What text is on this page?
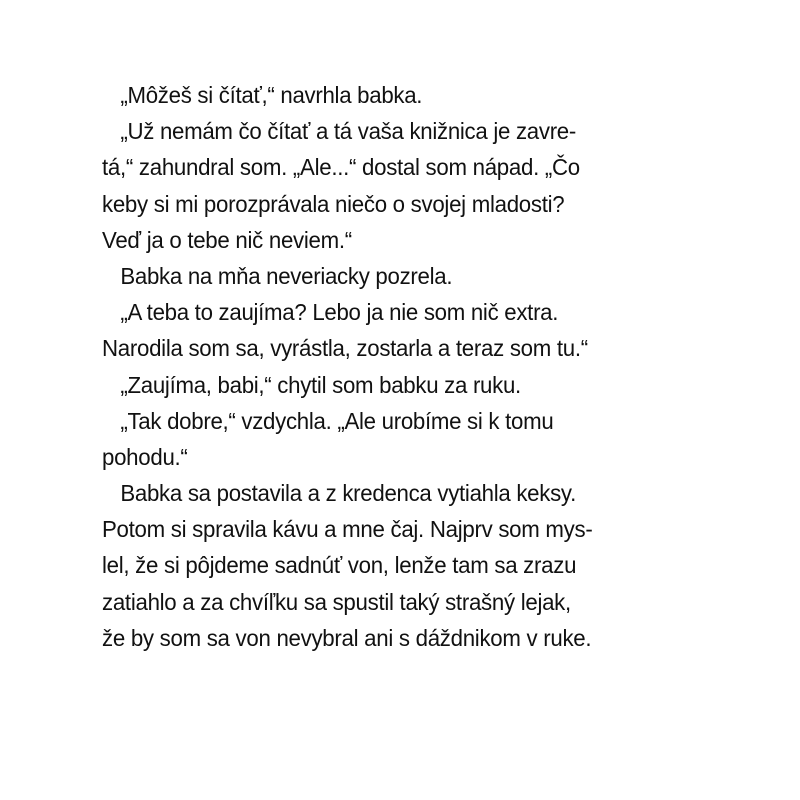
„Môžeš si čítať,“ navrhla babka.
„Už nemám čo čítať a tá vaša knižnica je zavre-
tá,“ zahundral som. „Ale...“ dostal som nápad. „Čo
keby si mi porozprávala niečo o svojej mladosti?
Veď ja o tebe nič neviem.“
Babka na mňa neveriacky pozrela.
„A teba to zaujíma? Lebo ja nie som nič extra.
Narodila som sa, vyrástla, zostarla a teraz som tu.“
„Zaujíma, babi,“ chytil som babku za ruku.
„Tak dobre,“ vzdychla. „Ale urobíme si k tomu
pohodu.“
Babka sa postavila a z kredenca vytiahla keksy.
Potom si spravila kávu a mne čaj. Najprv som mys-
lel, že si pôjdeme sadnúť von, lenže tam sa zrazu
zatiahlo a za chvíľku sa spustil taký strašný lejak,
že by som sa von nevybral ani s dáždnikom v ruke.
